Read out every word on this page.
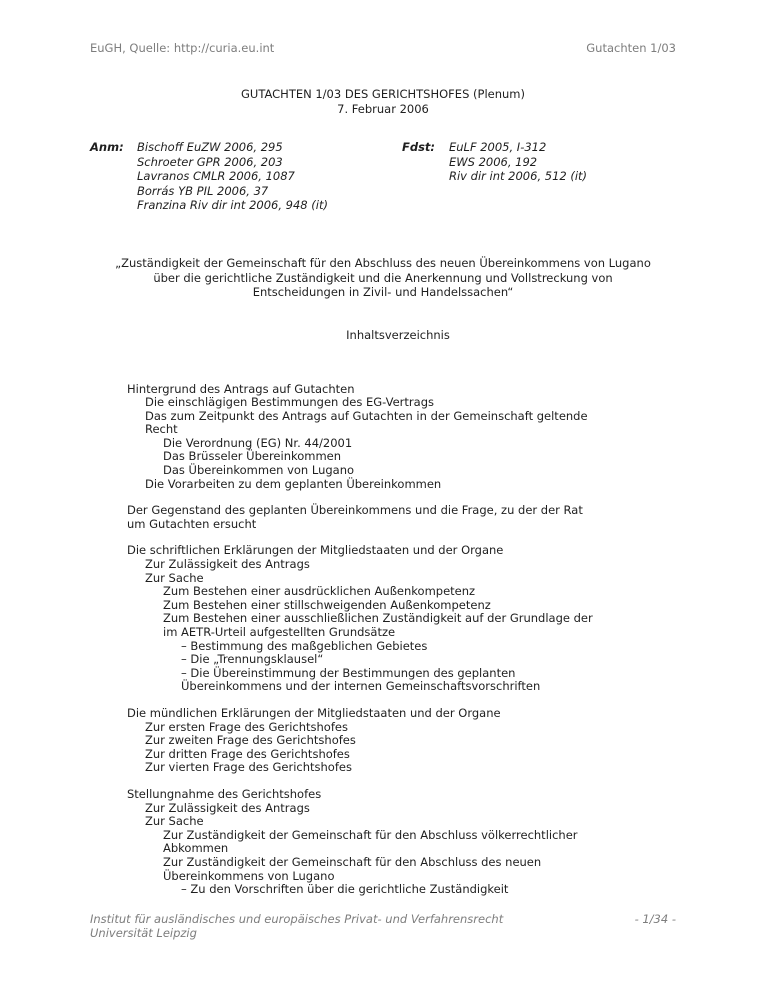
EuGH, Quelle: http://curia.eu.int	Gutachten 1/03
GUTACHTEN 1/03 DES GERICHTSHOFES (Plenum)
7. Februar 2006
Anm:	Bischoff EuZW 2006, 295
Schroeter GPR 2006, 203
Lavranos CMLR 2006, 1087
Borrás YB PIL 2006, 37
Franzina Riv dir int 2006, 948 (it)
Fdst:	EuLF 2005, I-312
EWS 2006, 192
Riv dir int 2006, 512 (it)
„Zuständigkeit der Gemeinschaft für den Abschluss des neuen Übereinkommens von Lugano
über die gerichtliche Zuständigkeit und die Anerkennung und Vollstreckung von
Entscheidungen in Zivil- und Handelssachen“
Inhaltsverzeichnis
Hintergrund des Antrags auf Gutachten
Die einschlägigen Bestimmungen des EG-Vertrags
Das zum Zeitpunkt des Antrags auf Gutachten in der Gemeinschaft geltende
Recht
Die Verordnung (EG) Nr. 44/2001
Das Brüsseler Übereinkommen
Das Übereinkommen von Lugano
Die Vorarbeiten zu dem geplanten Übereinkommen
Der Gegenstand des geplanten Übereinkommens und die Frage, zu der der Rat
um Gutachten ersucht
Die schriftlichen Erklärungen der Mitgliedstaaten und der Organe
Zur Zulässigkeit des Antrags
Zur Sache
Zum Bestehen einer ausdrücklichen Außenkompetenz
Zum Bestehen einer stillschweigenden Außenkompetenz
Zum Bestehen einer ausschließlichen Zuständigkeit auf der Grundlage der
im AETR-Urteil aufgestellten Grundsätze
– Bestimmung des maßgeblichen Gebietes
– Die „Trennungsklausel“
– Die Übereinstimmung der Bestimmungen des geplanten
Übereinkommens und der internen Gemeinschaftsvorschriften
Die mündlichen Erklärungen der Mitgliedstaaten und der Organe
Zur ersten Frage des Gerichtshofes
Zur zweiten Frage des Gerichtshofes
Zur dritten Frage des Gerichtshofes
Zur vierten Frage des Gerichtshofes
Stellungnahme des Gerichtshofes
Zur Zulässigkeit des Antrags
Zur Sache
Zur Zuständigkeit der Gemeinschaft für den Abschluss völkerrechtlicher
Abkommen
Zur Zuständigkeit der Gemeinschaft für den Abschluss des neuen
Übereinkommens von Lugano
– Zu den Vorschriften über die gerichtliche Zuständigkeit
Institut für ausländisches und europäisches Privat- und Verfahrensrecht
Universität Leipzig
- 1/34 -
